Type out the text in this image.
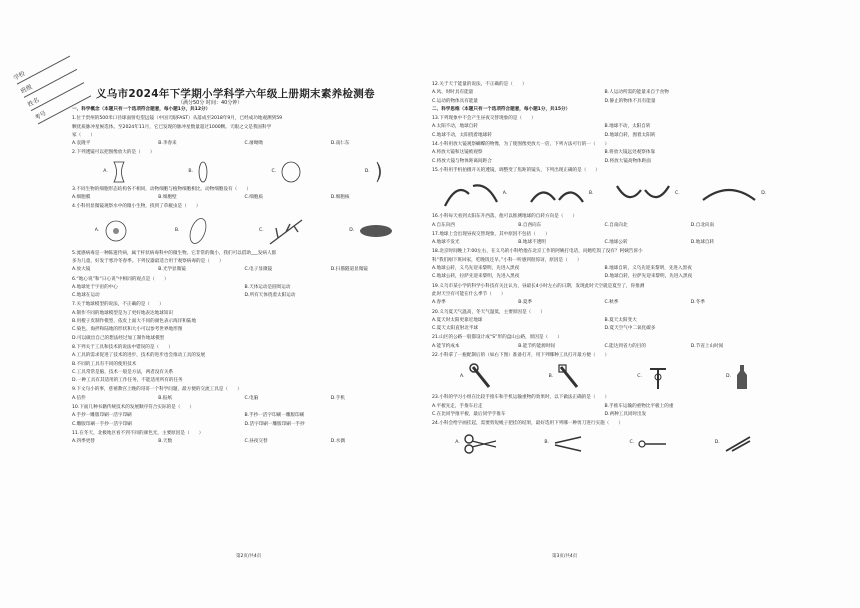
学校
班级
姓名
考号
义乌市2024年下学期小学科学六年级上册期末素养检测卷
（满分50分 时间：40分钟）
一、科学概念（本题只有一个选项符合题意，每小题1分，共12分）
1.位于贵州的500米口径球面射电望远镜（中国天眼FAST）从落成至2018年9月，已经成功地观测到59
颗优质脉冲星候选体。至2024年11月，它已发现的脉冲星数量超过1000颗。天眼之父是我国科学
家（　　）
A.袁隆平	B.李春来	C.屠呦呦	D.南仁东
2.下列透镜可以把图像放大的是（　　）
A.	B.	C.	D.
3.不同生物的细胞形态结构各不相同，动物细胞与植物细胞相比，动物细胞没有（　　）
A.细胞膜	B.细胞壁	C.细胞质	D.细胞核
4.小科用显微镜观察水中的微小生物，找到了草履虫是（　　）
A.	B.	C.	D.
5.流感病毒是一种陈遗传病，属于杆状病毒科中的微生物。它非常的微小，我们可以借助___发病人群
多为儿童，好发于寒冷冬春季。下列仪器最适合用于观察病毒的是（　　）
A.放大镜	B.光学显微镜	C.电子显微镜	D.扫描隧道显微镜
6.“地心说”和“日心说”中相同的观点是（　　）
A.地球处于宇宙的中心	B.天体运动是圆周运动
C.地球在运动	D.所有天体绕着太阳运动
7.关于地球模型的说法，不正确的是（　　）
A.制作不同的地球模型是为了更好地表达地球知识
B.用橙子皮制作模型，依皮上面大不同的颜色表示海洋和陆地
C.染色、海拌和陆地的形状和大小可以参考世界地形图
D.可以做出自己的想法经过加工制作地球模型
8.下列关于工具和技术的说法中错误的是（　　）
A.工具的需求促进了技术的进步，技术的进步也会推动工具的发展
B.不同的工具有不同的使用技术
C.工具常常是脑，技术一般是方法，两者没有关系
D.一种工具有其适用的工作任务，不能适用所有的任务
9.下文句小的事，慈禧教宫上晚的哥哥一个科学问题，最方便的交流工具是（　　）
A.信件	B.报纸	C.电脑	D.手机
10.下面几种书籍传统技术的发展顺序符合实际的是（　　）
A.手抄一雕版印刷一活字印刷	B.手抄一活字印刷一雕版印刷
C.雕版印刷一手抄一活字印刷	D.活字印刷一雕版印刷一手抄
11.在冬天，北极地区看不到不同的颜色光，主要原因是（　　）
A.四季更替	B.天数	C.昼夜交替	D.水偶
第2页/共4页
12.关于天于能量的说法，不正确的是（　　）
A.风、时时具有能量	B.人运动所需的能量来自于食物
C.运动的物体具有能量	D.静止的物体不具有能量
二、科学思维（本题只有一个选项符合题意，每小题1分，共15分）
13.下列现象中不会产生昼夜交替现象的是（　　）
A.太阳不动，地球自转	B.地球不动，太阳自转
C.地球不动，太阳绕着地球转	D.地球自转，围着太阳转
14.小科用放大镜观察蝴蝶的物像，为了使图像更放大一倍，下列方法可行的一（　　）
A.将放大镜和这镜被观察	B.将放大镜远处观察体靠
C.将放大镜与物体距离间距合	D.将放大镜高物体距面
15.小科用手机拍摄开关的透镜，调整变了焦距的镜头，下列出现正确的是（　　）
A.	B.	C.	D.
16.小科每天看到太阳东升西落，他可以推测地球的自转方向是（　　）
A.自东向西	B.自西向东	C.自南向北	D.自北向南
17.地球上会出现昼夜交替现象，其中原因不包括（　　）
A.地球不发光	B.地球不透明	C.地球公转	D.地球自转
18.北京时间晚上7:00左右，在义乌的小科给他在北京工作的阿姨打电话，问她吃饭了没有？阿姨告诉小
科“我们刚下班回家，吃晚饭还早。”小科一听感到很惊讶，原因是（　　）
A.地球公转，义乌先迎来黎明，先进入黑夜	B.地球自转，义乌先迎来黎明，先进入黑夜
C.地球公转，拉萨先迎来黎明，先进入黑夜	D.地球自转，拉萨先迎来黎明，先进入黑夜
19.义乌市某小学的科学小科技有关注认为，昼最长4小时左右的日期，发现此时天空就是夏至了，你推测
此时天空有可能在什么季节（　　）
A.春季	B.夏季	C.秋季	D.冬季
20.义乌夏天气温高，冬天气温低，主要原因是（　　）
A.夏天时太阳更靠近地球	B.夏天太阳变大
C.夏天太阳直射北半球	D.夏天空气中二氧化碳多
21.山区的公路一般都设计成“S”形的盘山公路，原因是（　　）
A.能节约成本	B.能节约能源时间	C.能达到省力的目的	D.节省上山时间
22.小科拿了一瓶配制后的（如右下图）准备打开，用下列哪种工具打开最方便（　　）
A.	B.	C.	D.
23.小科的学习小组在比较手推车和手机运输重物的效果时，以下做法正确的是（　　）
A.平板先走，手推车后走	B.手推车运输的重物比平板上的重
C.在比同学推平板，最后同学手推车	D.两种工具同时出发
24.小科会给字画挂起，需要剪短绳子把挂的结果，最好选用下列哪一种剪刀进行实施（　　）
A.	B.	C.	D.
第3页/共4页
